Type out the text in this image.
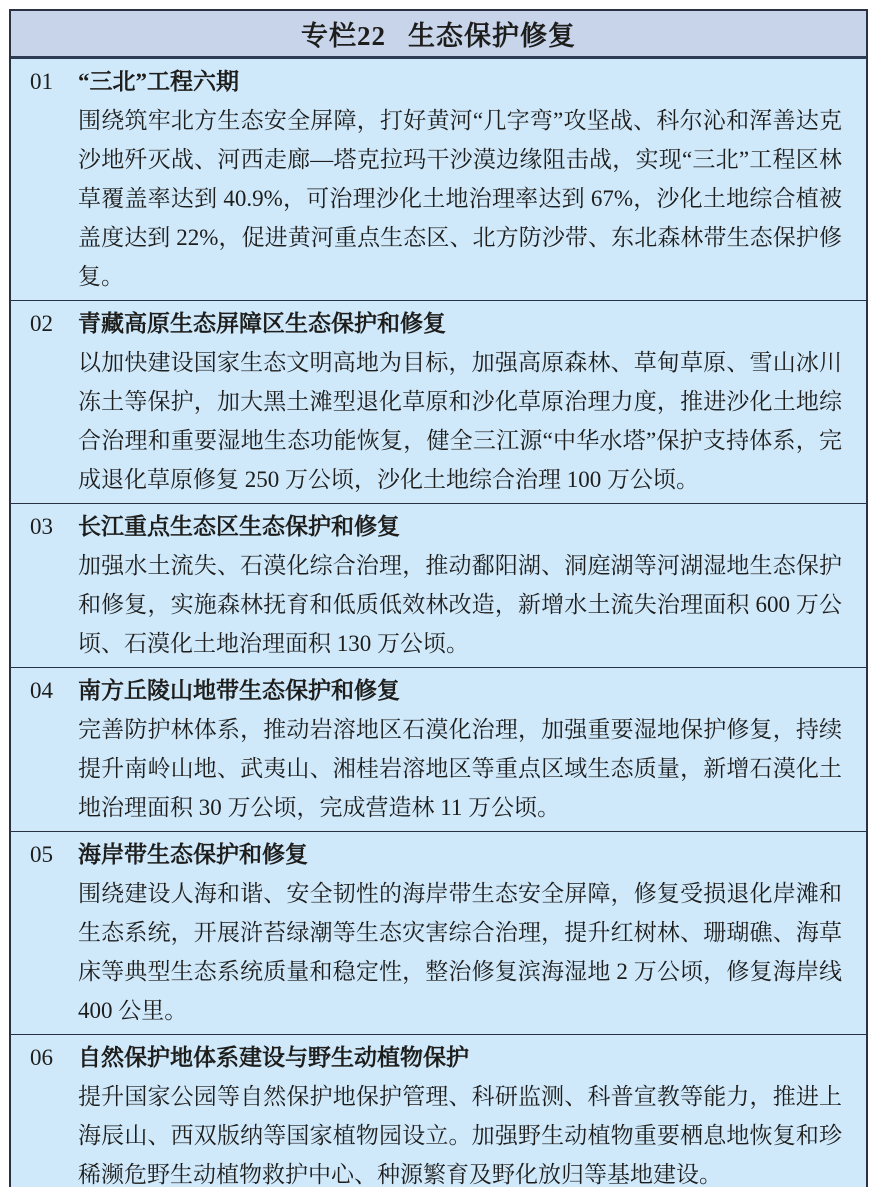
专栏22 生态保护修复
01	“三北”工程六期
围绕筑牢北方生态安全屏障，打好黄河“几字弯”攻坚战、科尔沁和浑善达克沙地歼灭战、河西走廊—塔克拉玛干沙漠边缘阻击战，实现“三北”工程区林草覆盖率达到 40.9%，可治理沙化土地治理率达到 67%，沙化土地综合植被盖度达到 22%，促进黄河重点生态区、北方防沙带、东北森林带生态保护修复。
02	青藏高原生态屏障区生态保护和修复
以加快建设国家生态文明高地为目标，加强高原森林、草甸草原、雪山冰川冻土等保护，加大黑土滩型退化草原和沙化草原治理力度，推进沙化土地综合治理和重要湿地生态功能恢复，健全三江源“中华水塔”保护支持体系，完成退化草原修复 250 万公顷，沙化土地综合治理 100 万公顷。
03	长江重点生态区生态保护和修复
加强水土流失、石漠化综合治理，推动鄱阳湖、洞庭湖等河湖湿地生态保护和修复，实施森林抚育和低质低效林改造，新增水土流失治理面积 600 万公顷、石漠化土地治理面积 130 万公顷。
04	南方丘陵山地带生态保护和修复
完善防护林体系，推动岩溶地区石漠化治理，加强重要湿地保护修复，持续提升南岭山地、武夷山、湘桂岩溶地区等重点区域生态质量，新增石漠化土地治理面积 30 万公顷，完成营造林 11 万公顷。
05	海岸带生态保护和修复
围绕建设人海和谐、安全韧性的海岸带生态安全屏障，修复受损退化岸滩和生态系统，开展浒苔绿潮等生态灾害综合治理，提升红树林、珊瑚礁、海草床等典型生态系统质量和稳定性，整治修复滨海湿地 2 万公顷，修复海岸线 400 公里。
06	自然保护地体系建设与野生动植物保护
提升国家公园等自然保护地保护管理、科研监测、科普宣教等能力，推进上海辰山、西双版纳等国家植物园设立。加强野生动植物重要栖息地恢复和珍稀濒危野生动植物救护中心、种源繁育及野化放归等基地建设。
